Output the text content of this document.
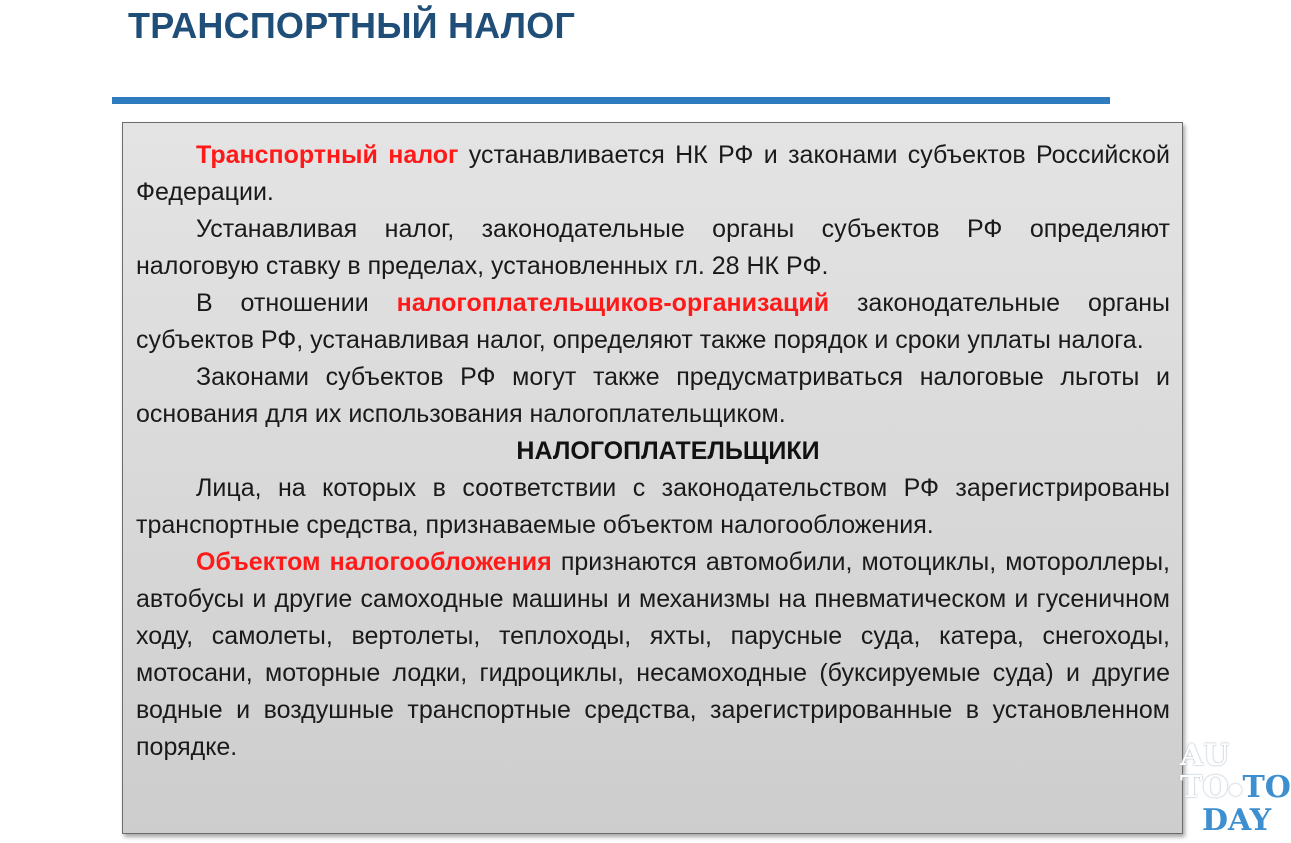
ТРАНСПОРТНЫЙ НАЛОГ

Транспортный налог устанавливается НК РФ и законами субъектов Российской Федерации.

Устанавливая налог, законодательные органы субъектов РФ определяют налоговую ставку в пределах, установленных гл. 28 НК РФ.

В отношении налогоплательщиков-организаций законодательные органы субъектов РФ, устанавливая налог, определяют также порядок и сроки уплаты налога.

Законами субъектов РФ могут также предусматриваться налоговые льготы и основания для их использования налогоплательщиком.

НАЛОГОПЛАТЕЛЬЩИКИ

Лица, на которых в соответствии с законодательством РФ зарегистрированы транспортные средства, признаваемые объектом налогообложения.

Объектом налогообложения признаются автомобили, мотоциклы, мотороллеры, автобусы и другие самоходные машины и механизмы на пневматическом и гусеничном ходу, самолеты, вертолеты, теплоходы, яхты, парусные суда, катера, снегоходы, мотосани, моторные лодки, гидроциклы, несамоходные (буксируемые суда) и другие водные и воздушные транспортные средства, зарегистрированные в установленном порядке.	AU
TO●TO
DAY
